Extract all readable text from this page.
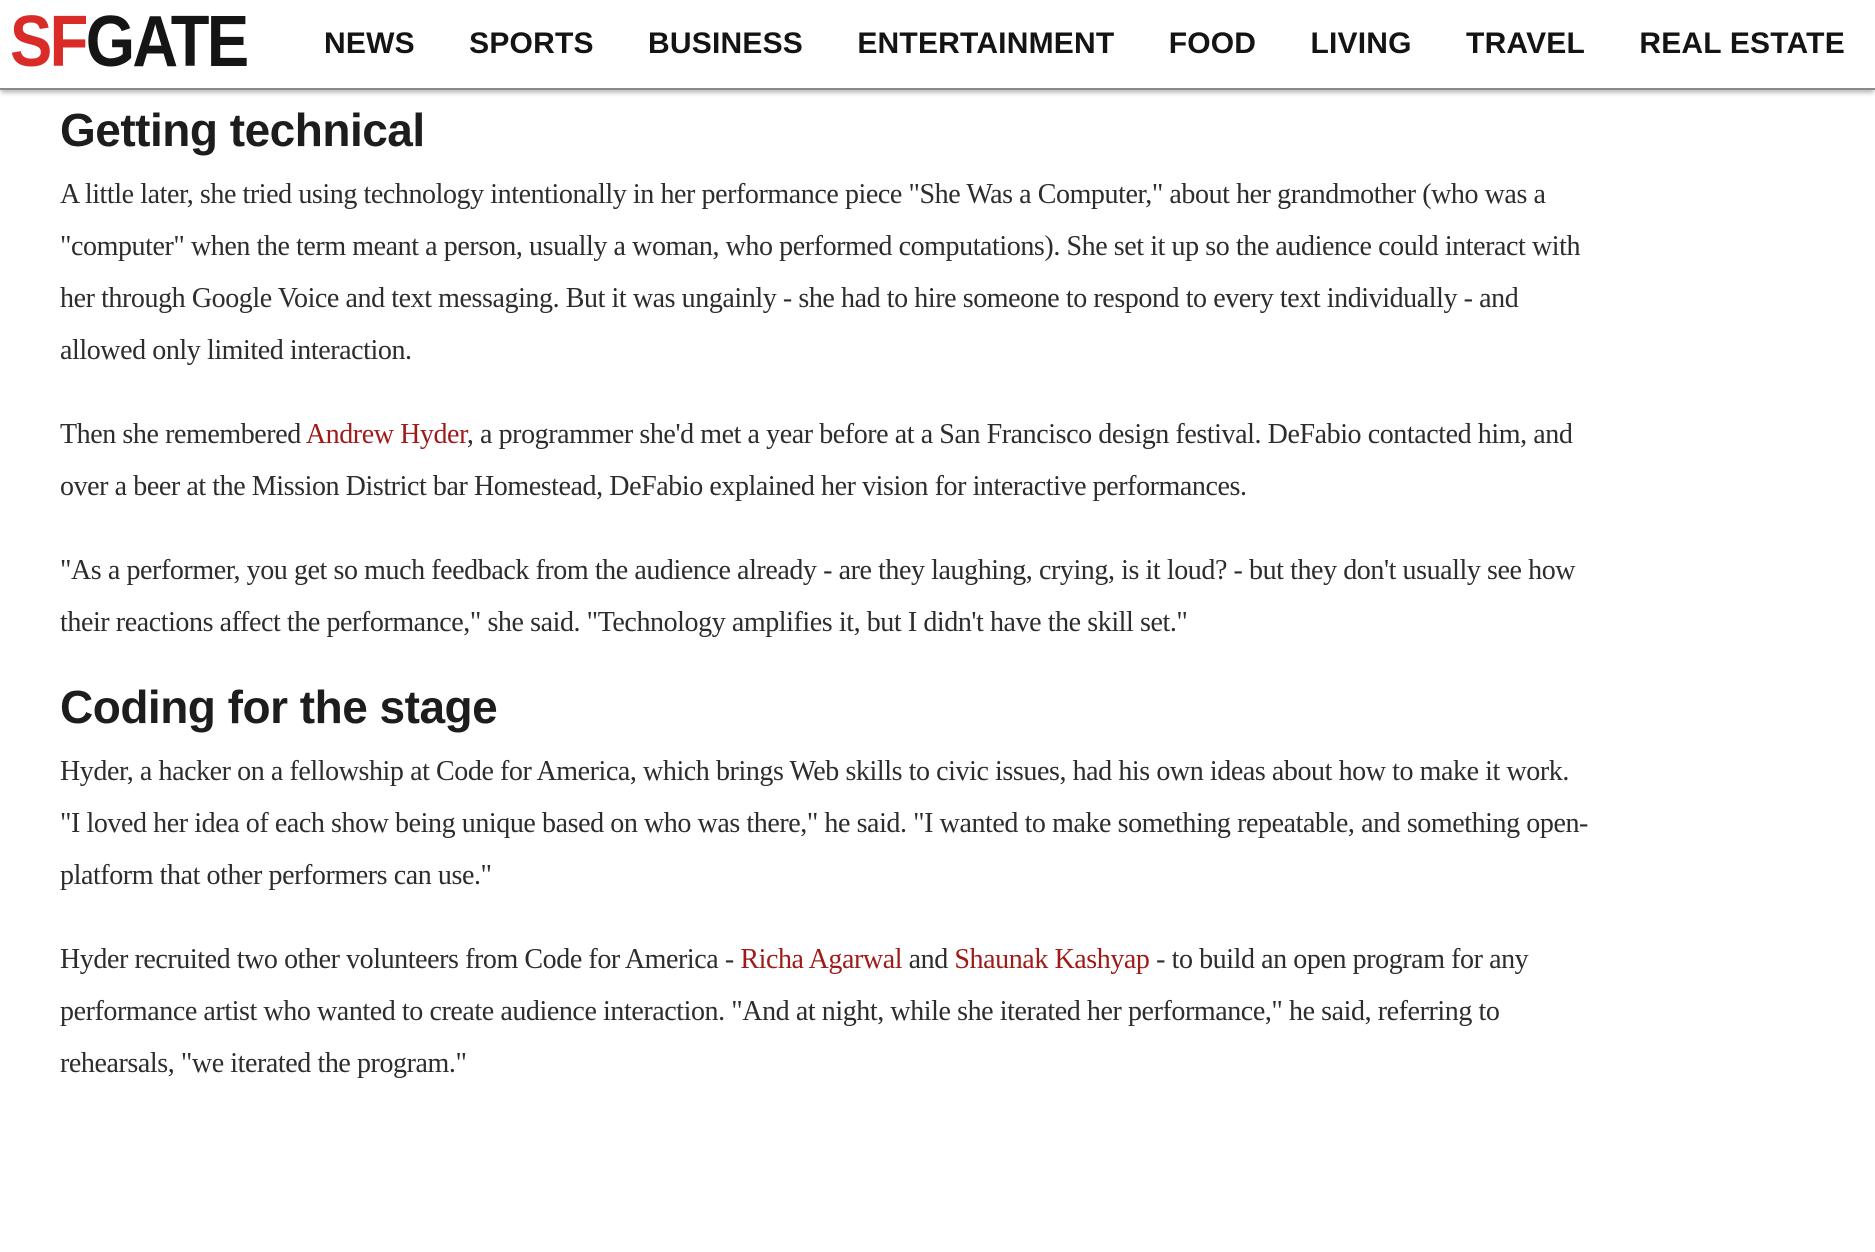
SFGATE	NEWS SPORTS BUSINESS ENTERTAINMENT FOOD LIVING TRAVEL REAL ESTATE
Getting technical

A little later, she tried using technology intentionally in her performance piece "She Was a Computer," about her grandmother (who was a "computer" when the term meant a person, usually a woman, who performed computations). She set it up so the audience could interact with her through Google Voice and text messaging. But it was ungainly - she had to hire someone to respond to every text individually - and allowed only limited interaction.

Then she remembered Andrew Hyder, a programmer she'd met a year before at a San Francisco design festival. DeFabio contacted him, and over a beer at the Mission District bar Homestead, DeFabio explained her vision for interactive performances.

"As a performer, you get so much feedback from the audience already - are they laughing, crying, is it loud? - but they don't usually see how their reactions affect the performance," she said. "Technology amplifies it, but I didn't have the skill set."

Coding for the stage

Hyder, a hacker on a fellowship at Code for America, which brings Web skills to civic issues, had his own ideas about how to make it work. "I loved her idea of each show being unique based on who was there," he said. "I wanted to make something repeatable, and something open-platform that other performers can use."

Hyder recruited two other volunteers from Code for America - Richa Agarwal and Shaunak Kashyap - to build an open program for any performance artist who wanted to create audience interaction. "And at night, while she iterated her performance," he said, referring to rehearsals, "we iterated the program."
